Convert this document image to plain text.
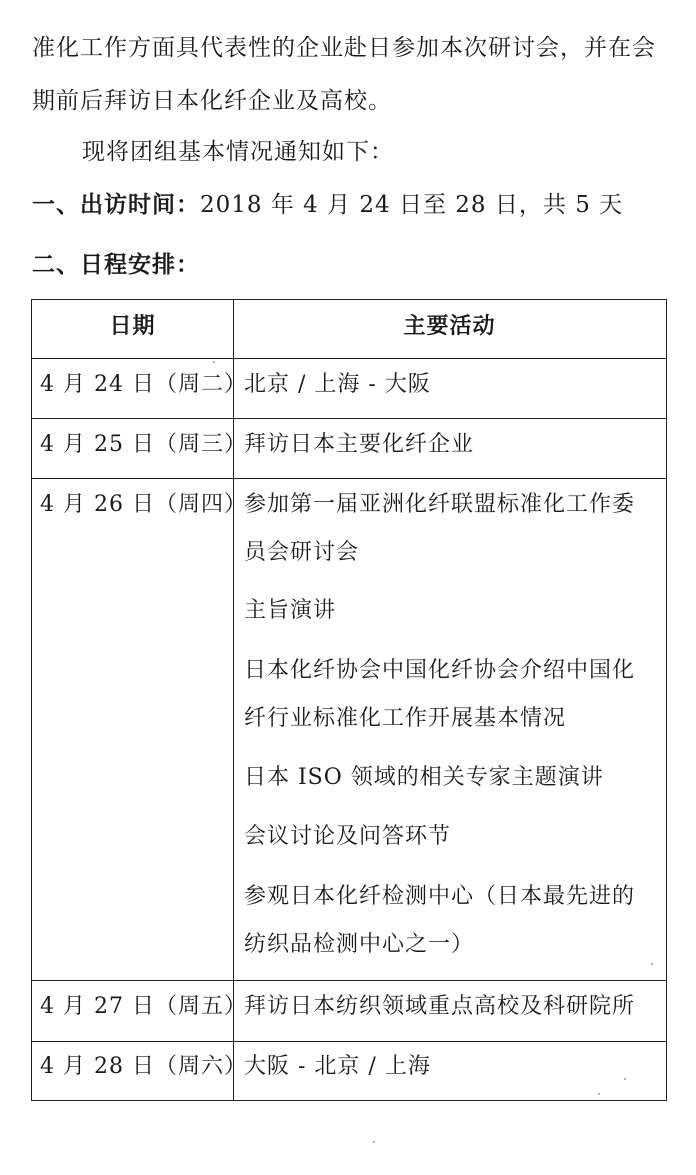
准化工作方面具代表性的企业赴日参加本次研讨会，并在会
期前后拜访日本化纤企业及高校。
现将团组基本情况通知如下：
一、出访时间：2018 年 4 月 24 日至 28 日，共 5 天
二、日程安排：
日期	主要活动
4 月 24 日（周二）
北京 / 上海 - 大阪
4 月 25 日（周三）
拜访日本主要化纤企业
4 月 26 日（周四）
参加第一届亚洲化纤联盟标准化工作委
员会研讨会
主旨演讲
日本化纤协会中国化纤协会介绍中国化
纤行业标准化工作开展基本情况
日本 ISO 领域的相关专家主题演讲
会议讨论及问答环节
参观日本化纤检测中心（日本最先进的
纺织品检测中心之一）
4 月 27 日（周五）
拜访日本纺织领域重点高校及科研院所
4 月 28 日（周六）
大阪 - 北京 / 上海
